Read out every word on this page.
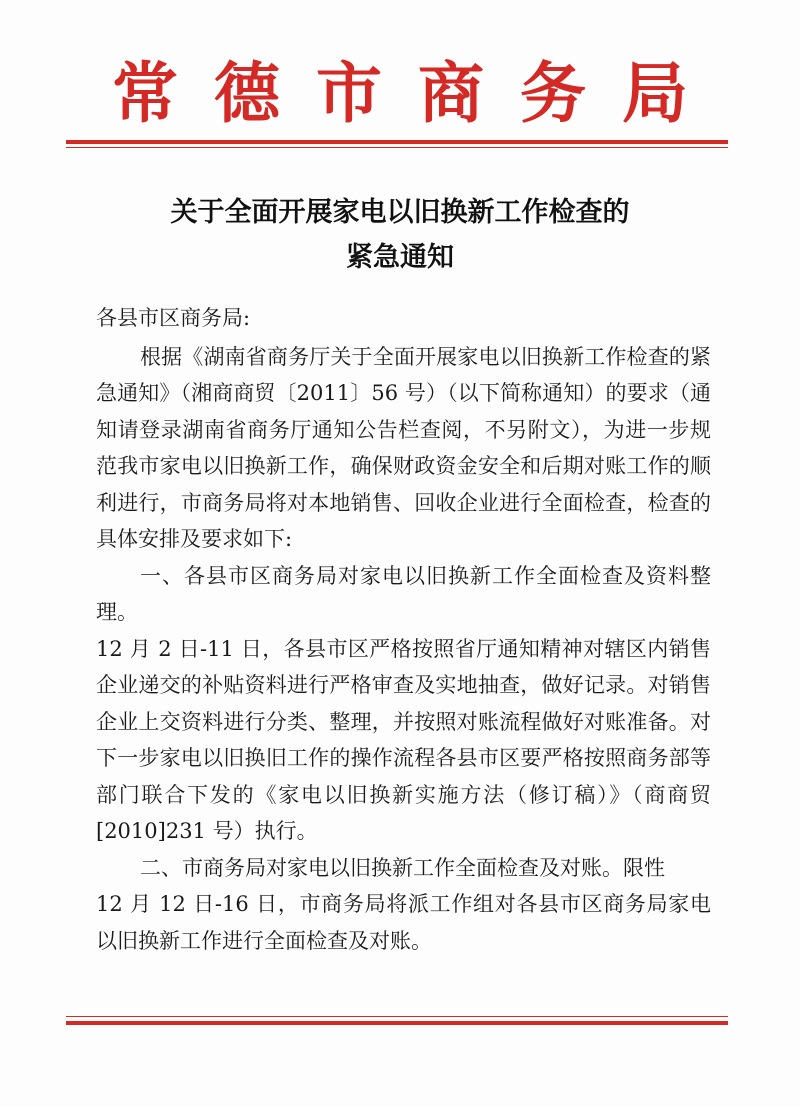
常德市商务局
关于全面开展家电以旧换新工作检查的
紧急通知

各县市区商务局:

根据《湖南省商务厅关于全面开展家电以旧换新工作检查的紧急通知》（湘商商贸〔2011〕56 号）（以下简称通知）的要求（通知请登录湖南省商务厅通知公告栏查阅，不另附文），为进一步规范我市家电以旧换新工作，确保财政资金安全和后期对账工作的顺利进行，市商务局将对本地销售、回收企业进行全面检查，检查的具体安排及要求如下:

一、各县市区商务局对家电以旧换新工作全面检查及资料整理。

12 月 2 日-11 日，各县市区严格按照省厅通知精神对辖区内销售企业递交的补贴资料进行严格审查及实地抽查，做好记录。对销售企业上交资料进行分类、整理，并按照对账流程做好对账准备。对下一步家电以旧换旧工作的操作流程各县市区要严格按照商务部等部门联合下发的《家电以旧换新实施方法（修订稿）》（商商贸[2010]231 号）执行。

二、市商务局对家电以旧换新工作全面检查及对账。限性

12 月 12 日-16 日，市商务局将派工作组对各县市区商务局家电以旧换新工作进行全面检查及对账。
